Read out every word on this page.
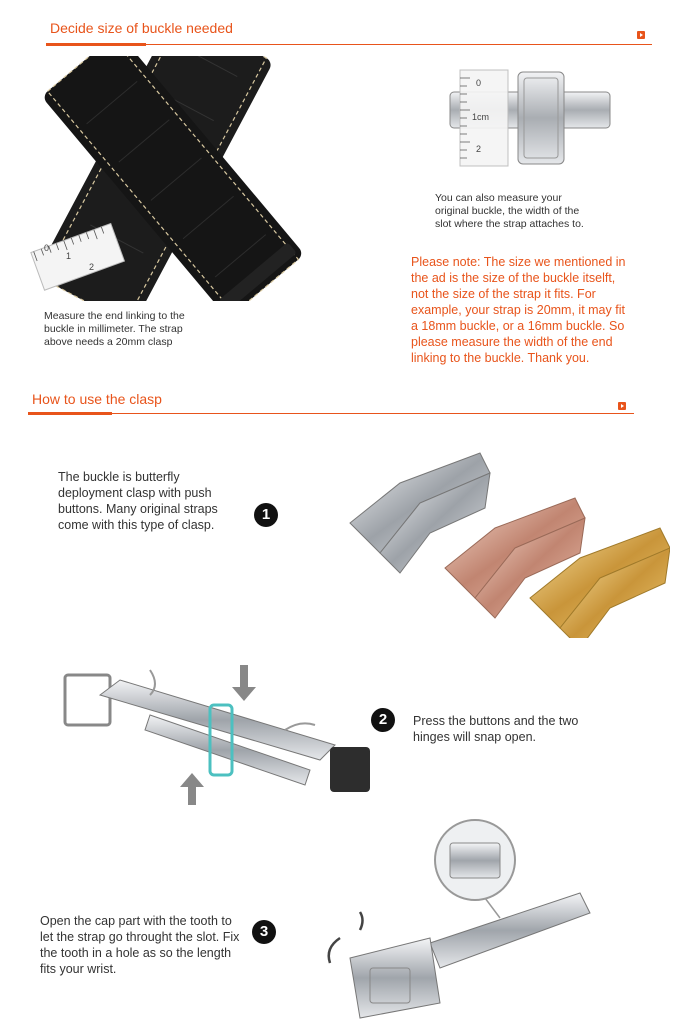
Decide size of buckle needed
0
1
2
Measure the end linking to the buckle in millimeter. The strap above needs a 20mm clasp
0
1cm
2
You can also measure your original buckle, the width of the slot where the strap attaches to.
Please note: The size we mentioned in the ad is the size of the buckle itselft, not the size of the strap it fits. For example, your strap is 20mm, it may fit a 18mm buckle, or a 16mm buckle. So please measure the width of the end linking to the buckle. Thank you.
How to use the clasp
The buckle is butterfly deployment clasp with push buttons. Many original straps come with this type of clasp.
1
2	Press the buttons and the two hinges will snap open.
Open the cap part with the tooth to let the strap go throught the slot. Fix the tooth in a hole as so the length fits your wrist.
3
